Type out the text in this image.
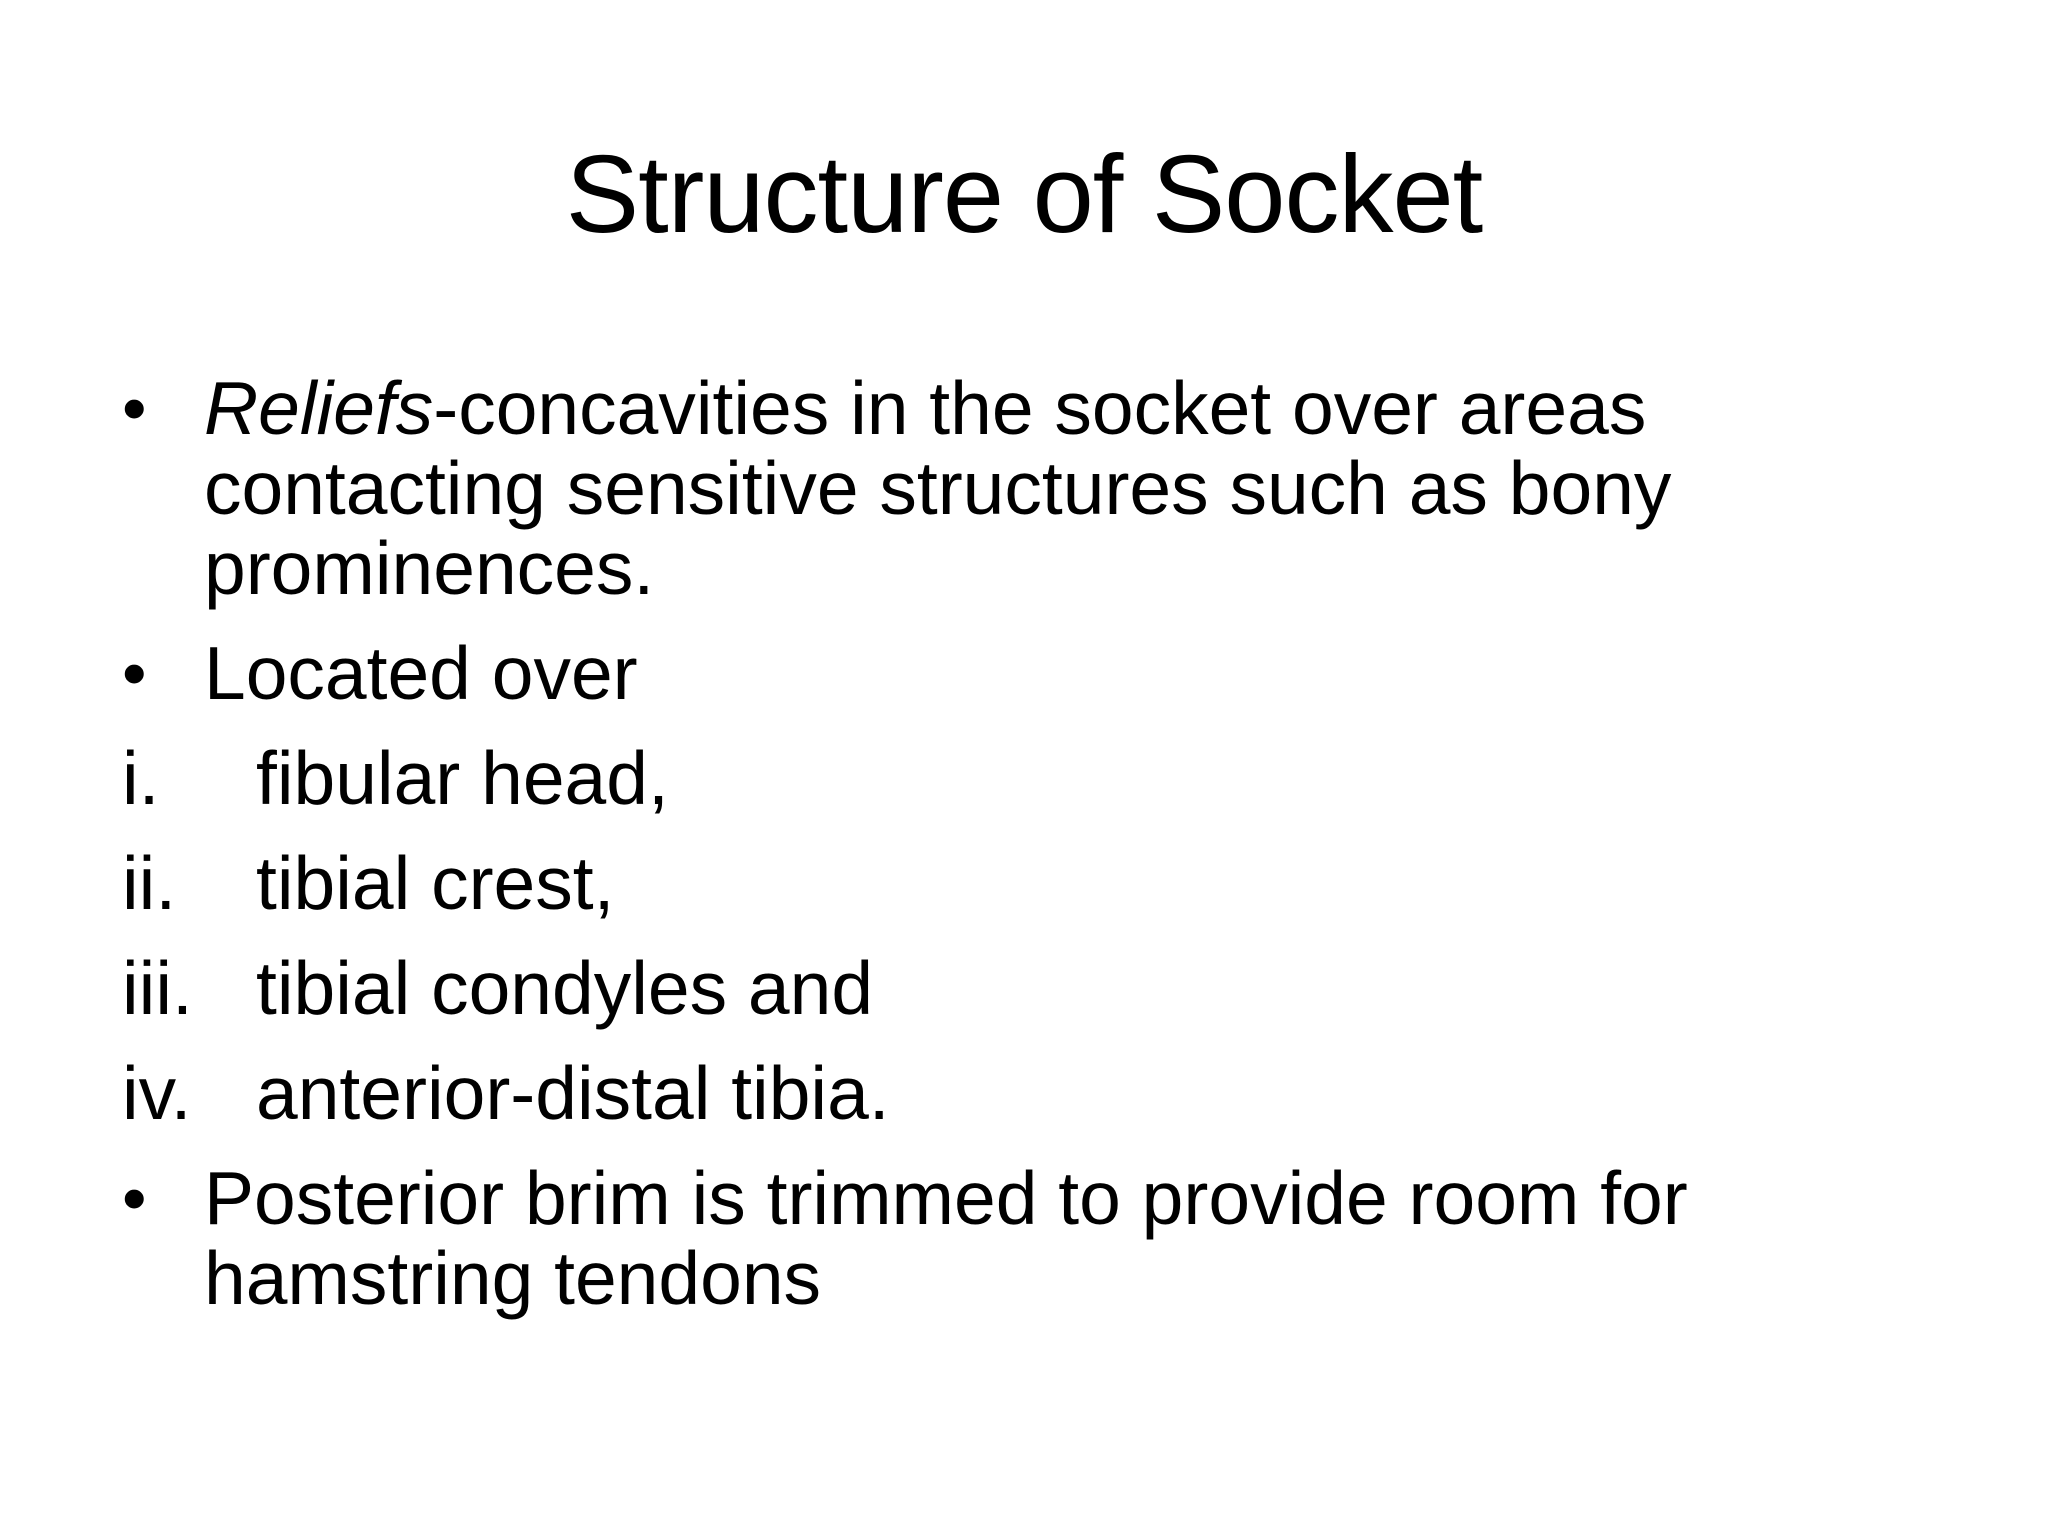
Structure of Socket
• Reliefs-concavities in the socket over areas contacting sensitive structures such as bony prominences.
• Located over
i. fibular head,
ii. tibial crest,
iii. tibial condyles and
iv. anterior-distal tibia.
• Posterior brim is trimmed to provide room for hamstring tendons
